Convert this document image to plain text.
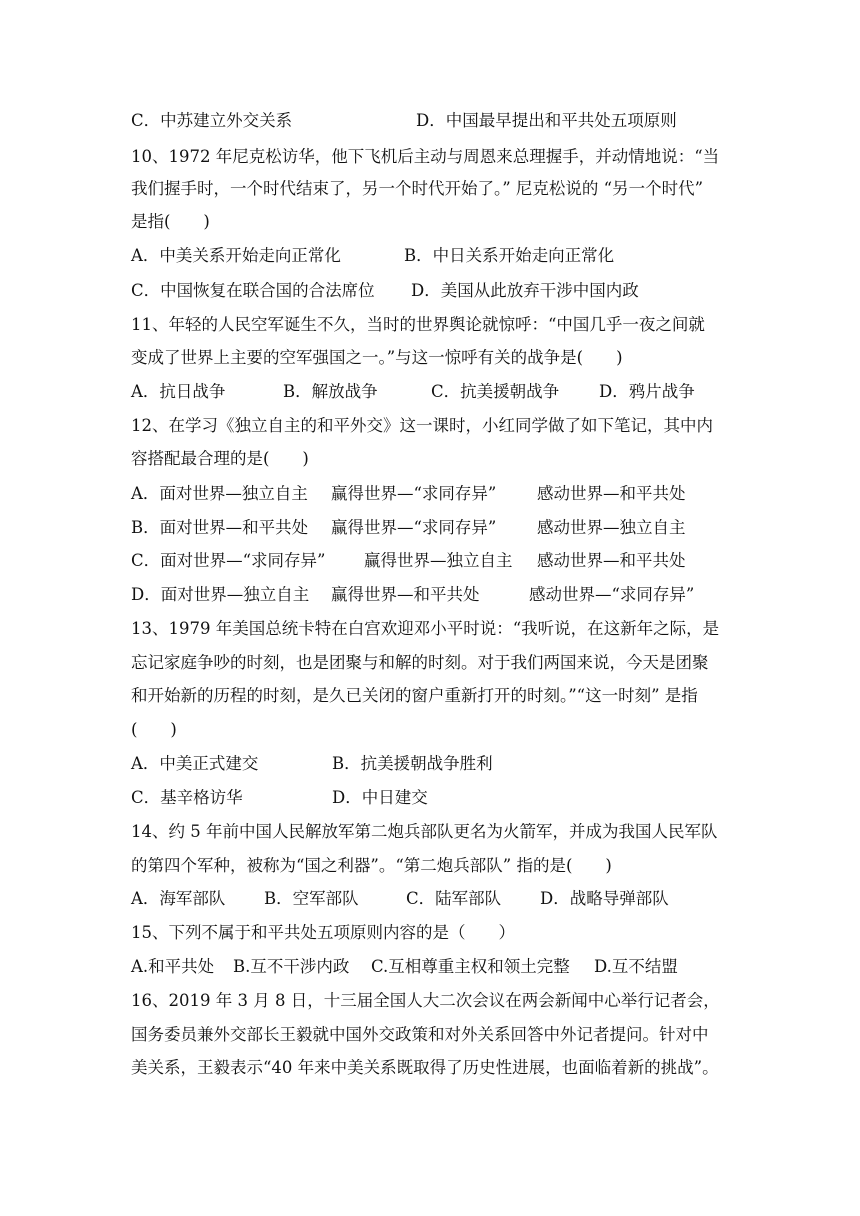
C．中苏建立外交关系	D．中国最早提出和平共处五项原则
10、1972 年尼克松访华，他下飞机后主动与周恩来总理握手，并动情地说：“当
我们握手时，一个时代结束了，另一个时代开始了。” 尼克松说的 “另一个时代”
是指(　　)
A．中美关系开始走向正常化	B．中日关系开始走向正常化
C．中国恢复在联合国的合法席位 D．美国从此放弃干涉中国内政
11、年轻的人民空军诞生不久，当时的世界舆论就惊呼：“中国几乎一夜之间就
变成了世界上主要的空军强国之一。”与这一惊呼有关的战争是(　　)
A．抗日战争	B．解放战争	C．抗美援朝战争 D．鸦片战争
12、在学习《独立自主的和平外交》这一课时，小红同学做了如下笔记，其中内
容搭配最合理的是(　　)
A．面对世界—独立自主 赢得世界—“求同存异” 感动世界—和平共处
B．面对世界—和平共处 赢得世界—“求同存异” 感动世界—独立自主
C．面对世界—“求同存异” 赢得世界—独立自主 感动世界—和平共处
D．面对世界—独立自主 赢得世界—和平共处	感动世界—“求同存异”
13、1979 年美国总统卡特在白宫欢迎邓小平时说：“我听说，在这新年之际，是
忘记家庭争吵的时刻，也是团聚与和解的时刻。对于我们两国来说，今天是团聚
和开始新的历程的时刻，是久已关闭的窗户重新打开的时刻。”“这一时刻” 是指
(　　)
A．中美正式建交	B．抗美援朝战争胜利
C．基辛格访华	D．中日建交
14、约 5 年前中国人民解放军第二炮兵部队更名为火箭军，并成为我国人民军队
的第四个军种，被称为“国之利器”。“第二炮兵部队” 指的是(　　)
A．海军部队 B．空军部队	C．陆军部队 D．战略导弹部队
15、下列不属于和平共处五项原则内容的是（　　）
A.和平共处 B.互不干涉内政 C.互相尊重主权和领土完整 D.互不结盟
16、2019 年 3 月 8 日，十三届全国人大二次会议在两会新闻中心举行记者会，
国务委员兼外交部长王毅就中国外交政策和对外关系回答中外记者提问。针对中
美关系，王毅表示“40 年来中美关系既取得了历史性进展，也面临着新的挑战”。
